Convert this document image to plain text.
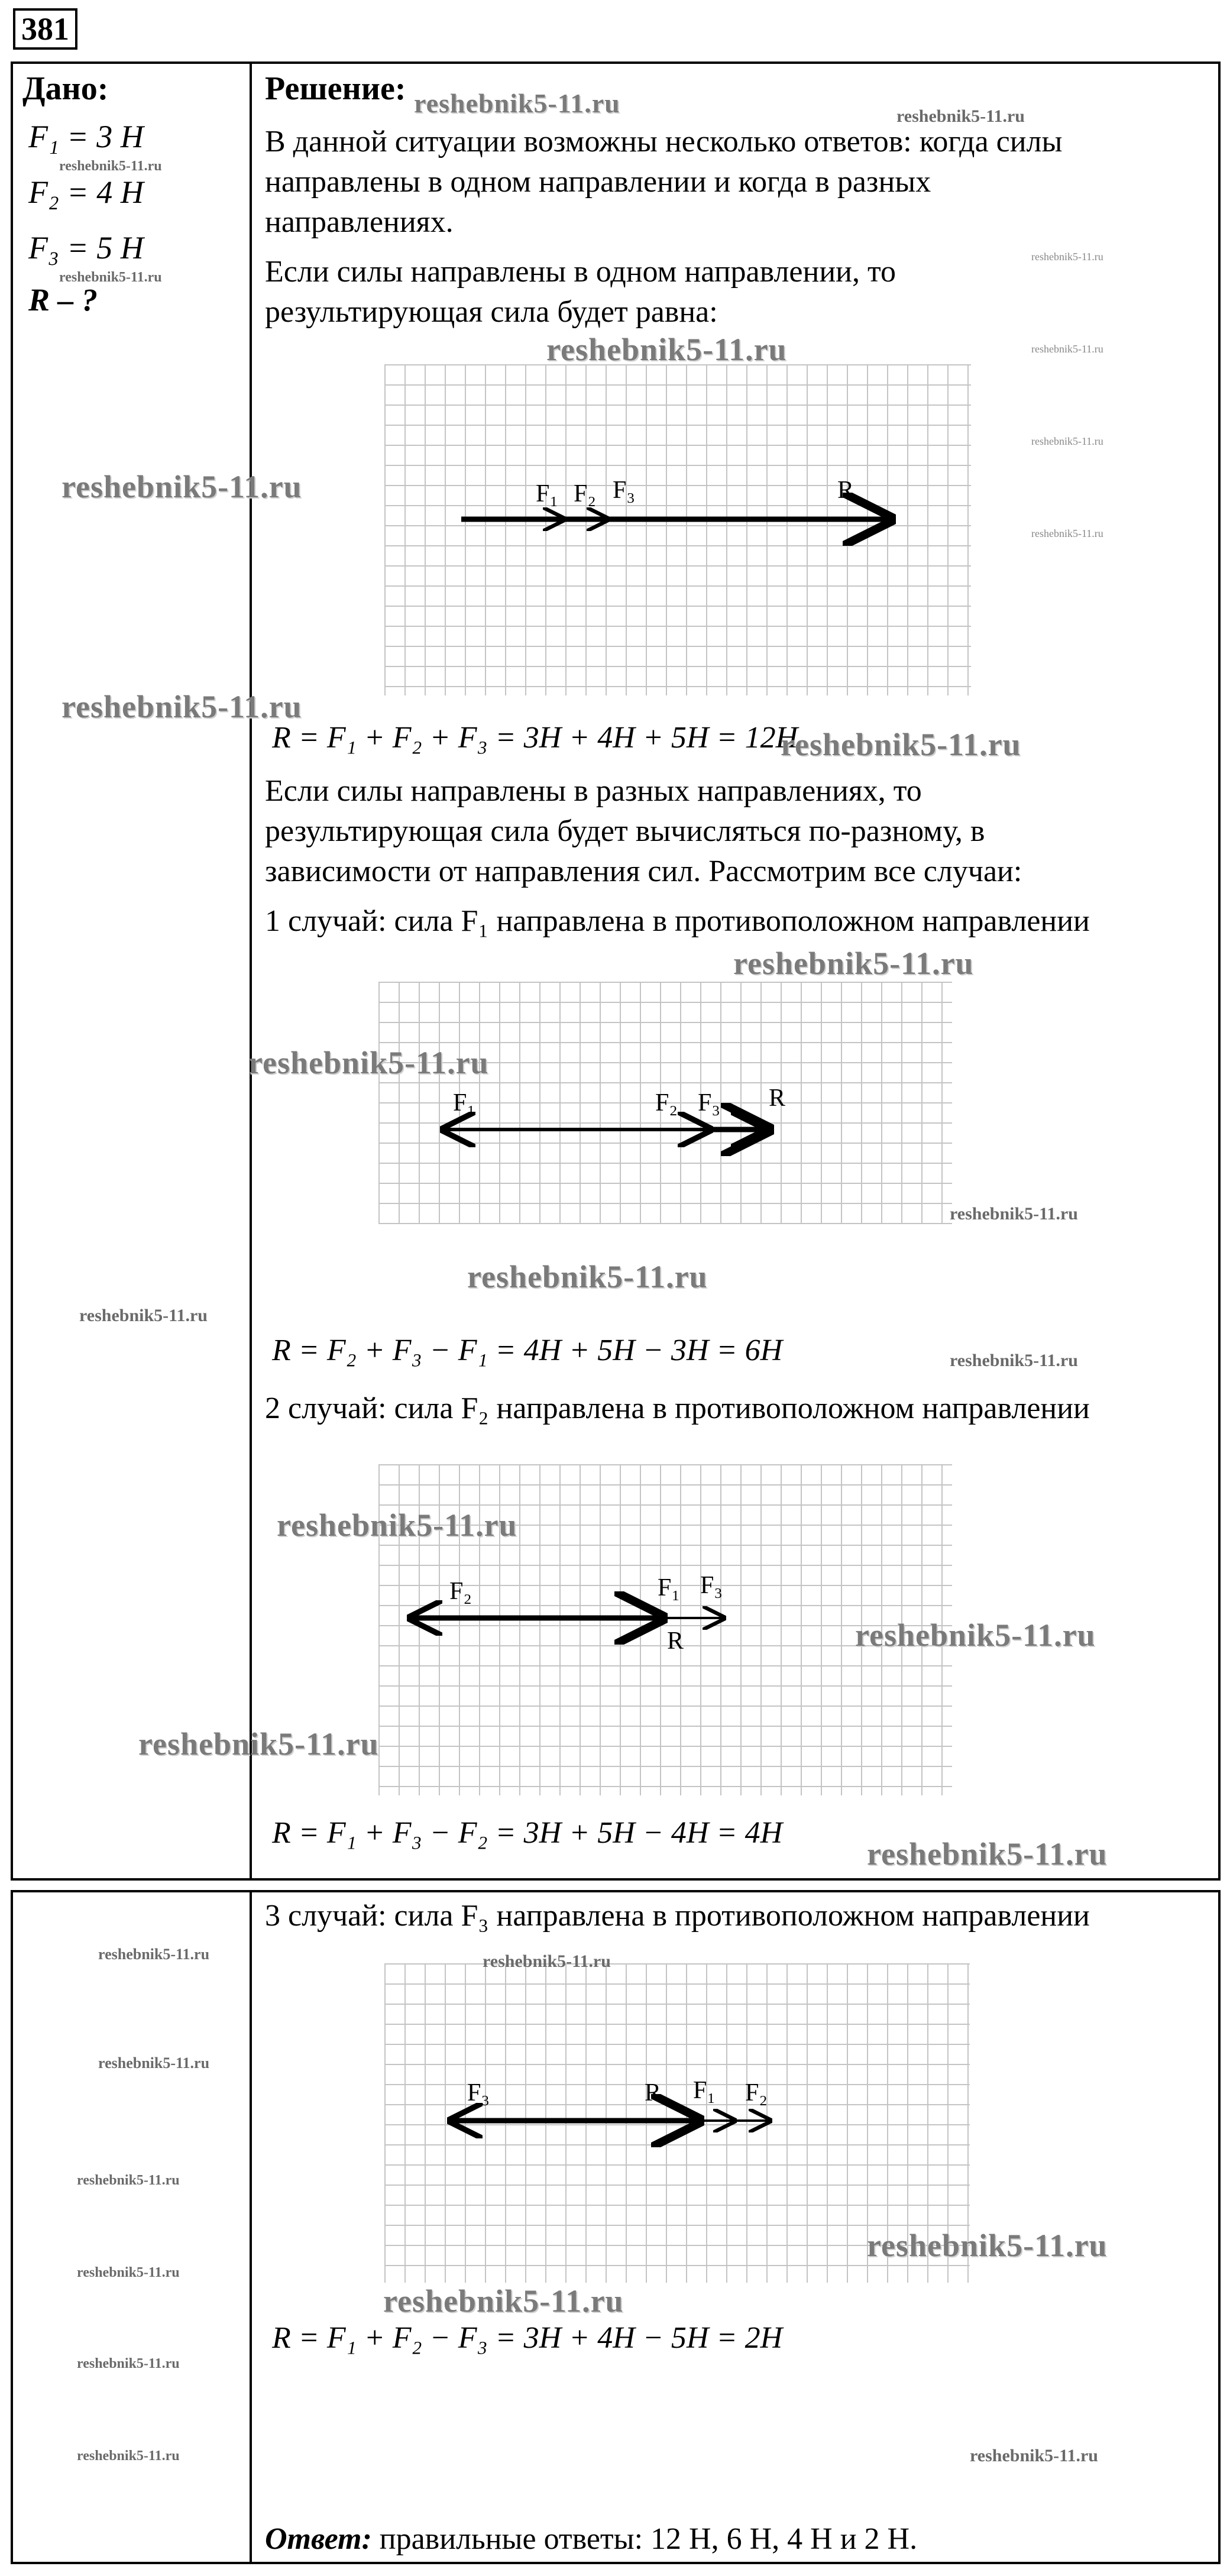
381
Дано:
F₁ = 3 Н
F₂ = 4 Н
F₃ = 5 Н
R – ?
Решение:
В данной ситуации возможны несколько ответов: когда силы
направлены в одном направлении и когда в разных
направлениях.
Если силы направлены в одном направлении, то
результирующая сила будет равна:
F₁ F₂ F₃	R
R = F₁ + F₂ + F₃ = 3H + 4H + 5H = 12H
Если силы направлены в разных направлениях, то
результирующая сила будет вычисляться по-разному, в
зависимости от направления сил. Рассмотрим все случаи:
1 случай: сила F₁ направлена в противоположном направлении
F₁	F₂ F₃ R
R = F₂ + F₃ − F₁ = 4H + 5H − 3H = 6H
2 случай: сила F₂ направлена в противоположном направлении
F₂	F₁ F₃
R
R = F₁ + F₃ − F₂ = 3H + 5H − 4H = 4H
3 случай: сила F₃ направлена в противоположном направлении
F₃	R F₁ F₂
R = F₁ + F₂ − F₃ = 3H + 4H − 5H = 2H
Ответ: правильные ответы: 12 Н, 6 Н, 4 Н и 2 Н.
reshebnik5-11.ru	reshebnik5-11.ru
reshebnik5-11.ru
reshebnik5-11.ru
reshebnik5-11.ru
reshebnik5-11.ru	reshebnik5-11.ru
reshebnik5-11.ru
reshebnik5-11.ru
reshebnik5-11.ru
reshebnik5-11.ru
reshebnik5-11.ru
reshebnik5-11.ru
reshebnik5-11.ru
reshebnik5-11.ru
reshebnik5-11.ru
reshebnik5-11.ru
reshebnik5-11.ru
reshebnik5-11.ru
reshebnik5-11.ru
reshebnik5-11.ru
reshebnik5-11.ru
reshebnik5-11.ru	reshebnik5-11.ru
reshebnik5-11.ru
reshebnik5-11.ru
reshebnik5-11.ru
reshebnik5-11.ru
reshebnik5-11.ru
reshebnik5-11.ru
reshebnik5-11.ru	reshebnik5-11.ru
